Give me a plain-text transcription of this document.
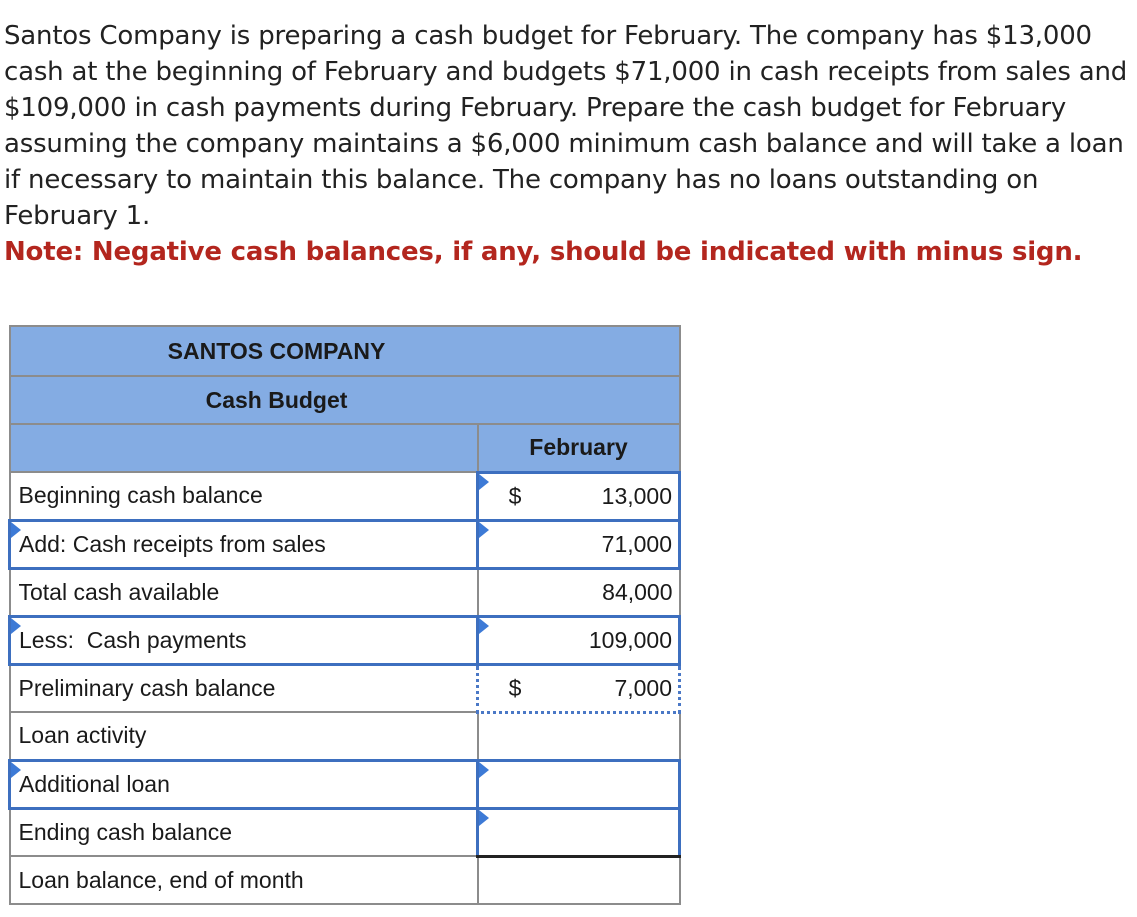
Santos Company is preparing a cash budget for February. The company has $13,000 cash at the beginning of February and budgets $71,000 in cash receipts from sales and $109,000 in cash payments during February. Prepare the cash budget for February assuming the company maintains a $6,000 minimum cash balance and will take a loan if necessary to maintain this balance. The company has no loans outstanding on February 1.

Note: Negative cash balances, if any, should be indicated with minus sign.

SANTOS COMPANY	
Cash Budget	
	February
Beginning cash balance	$ 13,000

Add: Cash receipts from sales	71,000

Total cash available	84,000

Less:  Cash payments	109,000

Preliminary cash balance	$ 7,000

Loan activity	

Additional loan	

Ending cash balance	

Loan balance, end of month	
